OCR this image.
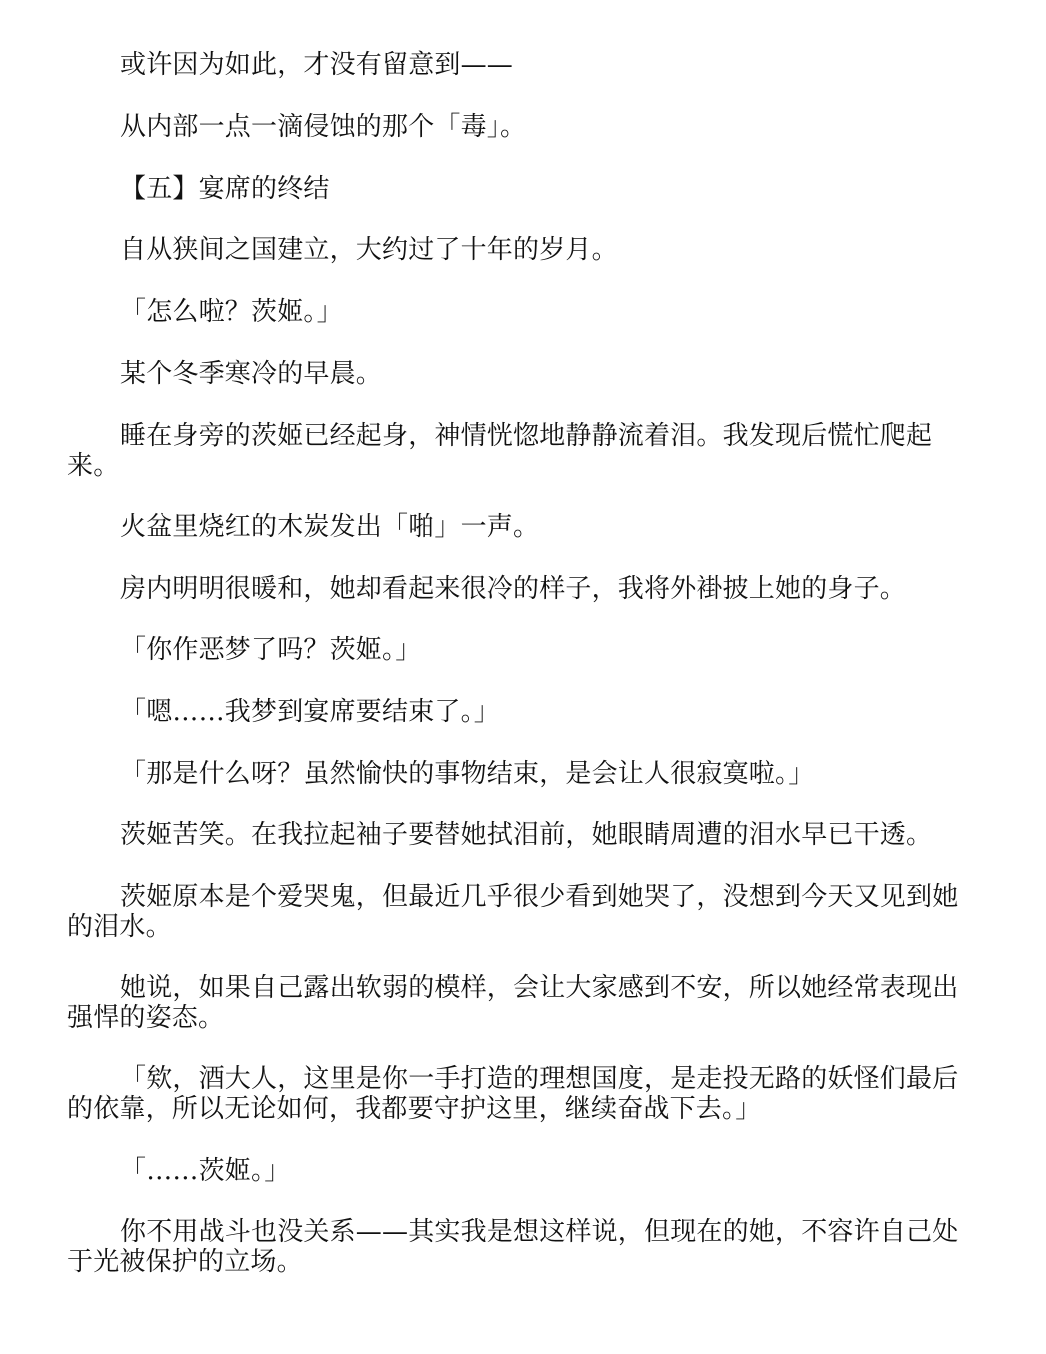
或许因为如此，才没有留意到——

从内部一点一滴侵蚀的那个「毒」。

【五】宴席的终结

自从狭间之国建立，大约过了十年的岁月。

「怎么啦？茨姬。」

某个冬季寒冷的早晨。

睡在身旁的茨姬已经起身，神情恍惚地静静流着泪。我发现后慌忙爬起来。

火盆里烧红的木炭发出「啪」一声。

房内明明很暖和，她却看起来很冷的样子，我将外褂披上她的身子。

「你作恶梦了吗？茨姬。」

「嗯……我梦到宴席要结束了。」

「那是什么呀？虽然愉快的事物结束，是会让人很寂寞啦。」

茨姬苦笑。在我拉起袖子要替她拭泪前，她眼睛周遭的泪水早已干透。

茨姬原本是个爱哭鬼，但最近几乎很少看到她哭了，没想到今天又见到她的泪水。

她说，如果自己露出软弱的模样，会让大家感到不安，所以她经常表现出强悍的姿态。

「欸，酒大人，这里是你一手打造的理想国度，是走投无路的妖怪们最后的依靠，所以无论如何，我都要守护这里，继续奋战下去。」

「……茨姬。」

你不用战斗也没关系——其实我是想这样说，但现在的她，不容许自己处于光被保护的立场。
